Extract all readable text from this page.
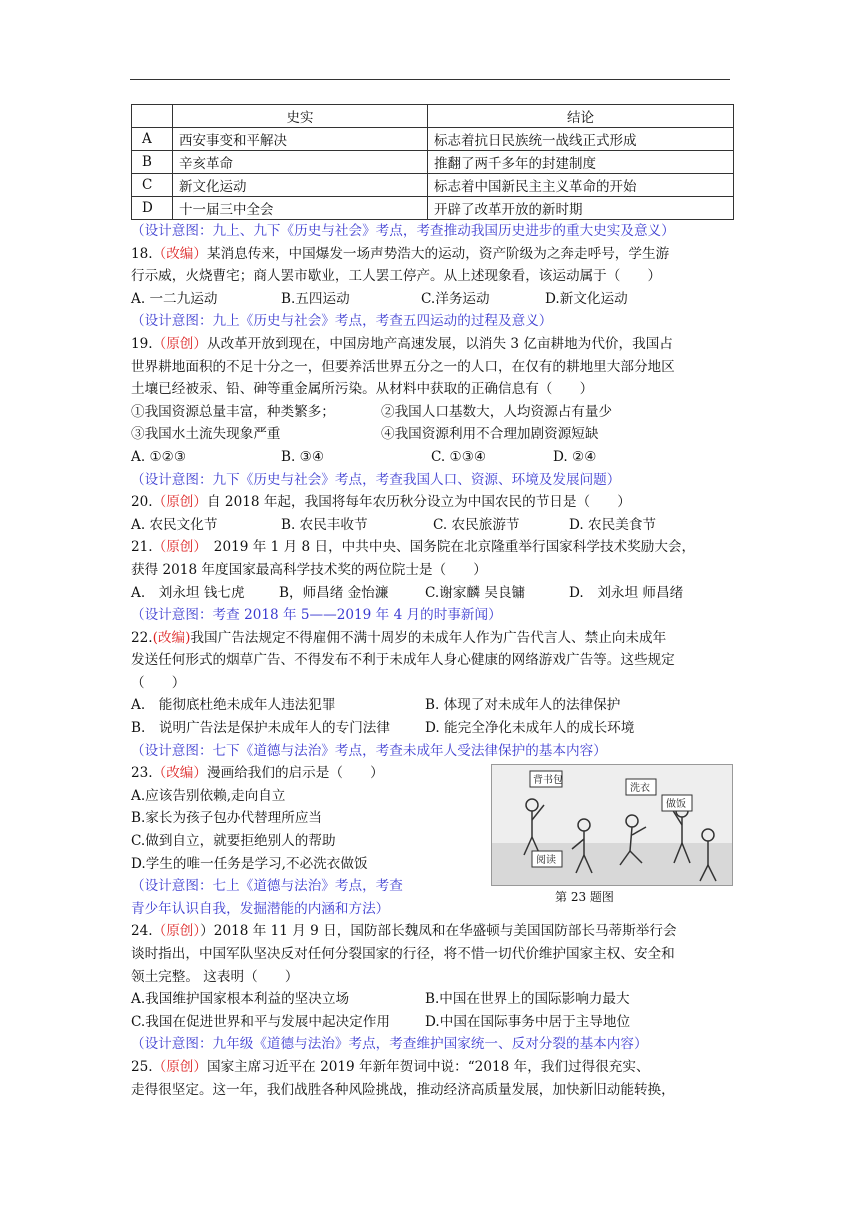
	史实	结论
A	西安事变和平解决	标志着抗日民族统一战线正式形成
B	辛亥革命	推翻了两千多年的封建制度
C	新文化运动	标志着中国新民主主义革命的开始
D	十一届三中全会	开辟了改革开放的新时期
（设计意图：九上、九下《历史与社会》考点，考查推动我国历史进步的重大史实及意义）
18.（改编）某消息传来，中国爆发一场声势浩大的运动，资产阶级为之奔走呼号，学生游
行示威，火烧曹宅；商人罢市歇业，工人罢工停产。从上述现象看，该运动属于（　　）
A. 一二九运动	B.五四运动	C.洋务运动	D.新文化运动
（设计意图：九上《历史与社会》考点，考查五四运动的过程及意义）
19.（原创）从改革开放到现在，中国房地产高速发展，以消失 3 亿亩耕地为代价，我国占
世界耕地面积的不足十分之一，但要养活世界五分之一的人口，在仅有的耕地里大部分地区
土壤已经被汞、铅、砷等重金属所污染。从材料中获取的正确信息有（　　）
①我国资源总量丰富，种类繁多；	②我国人口基数大，人均资源占有量少
③我国水土流失现象严重	④我国资源利用不合理加剧资源短缺
A. ①②③	B. ③④	C. ①③④	D. ②④
（设计意图：九下《历史与社会》考点，考查我国人口、资源、环境及发展问题）
20.（原创）自 2018 年起，我国将每年农历秋分设立为中国农民的节日是（　　）
A. 农民文化节	B. 农民丰收节	C. 农民旅游节	D. 农民美食节
21.（原创）　2019 年 1 月 8 日，中共中央、国务院在北京隆重举行国家科学技术奖励大会，
获得 2018 年度国家最高科学技术奖的两位院士是（　　）
A.　刘永坦 钱七虎	B，师昌绪 金怡濂	C.谢家麟 吴良镛	D.　刘永坦 师昌绪
（设计意图：考查 2018 年 5——2019 年 4 月的时事新闻）
22.(改编)我国广告法规定不得雇佣不满十周岁的未成年人作为广告代言人、禁止向未成年
发送任何形式的烟草广告、不得发布不利于未成年人身心健康的网络游戏广告等。这些规定
（　　）
A.　能彻底杜绝未成年人违法犯罪	B. 体现了对未成年人的法律保护
B.　说明广告法是保护未成年人的专门法律	D. 能完全净化未成年人的成长环境
（设计意图：七下《道德与法治》考点，考查未成年人受法律保护的基本内容）
23.（改编）漫画给我们的启示是（　　）
A.应该告别依赖,走向自立
B.家长为孩子包办代替理所应当
C.做到自立，就要拒绝别人的帮助
D.学生的唯一任务是学习,不必洗衣做饭
（设计意图：七上《道德与法治》考点，考查
青少年认识自我，发掘潜能的内涵和方法）
背书包
洗衣
阅读
做饭
第 23 题图
24.（原创））2018 年 11 月 9 日，国防部长魏凤和在华盛顿与美国国防部长马蒂斯举行会
谈时指出，中国军队坚决反对任何分裂国家的行径，将不惜一切代价维护国家主权、安全和
领土完整。 这表明（　　）
A.我国维护国家根本利益的坚决立场	B.中国在世界上的国际影响力最大
C.我国在促进世界和平与发展中起决定作用	D.中国在国际事务中居于主导地位
（设计意图：九年级《道德与法治》考点，考查维护国家统一、反对分裂的基本内容）
25.（原创）国家主席习近平在 2019 年新年贺词中说：“2018 年，我们过得很充实、
走得很坚定。这一年，我们战胜各种风险挑战，推动经济高质量发展，加快新旧动能转换，
